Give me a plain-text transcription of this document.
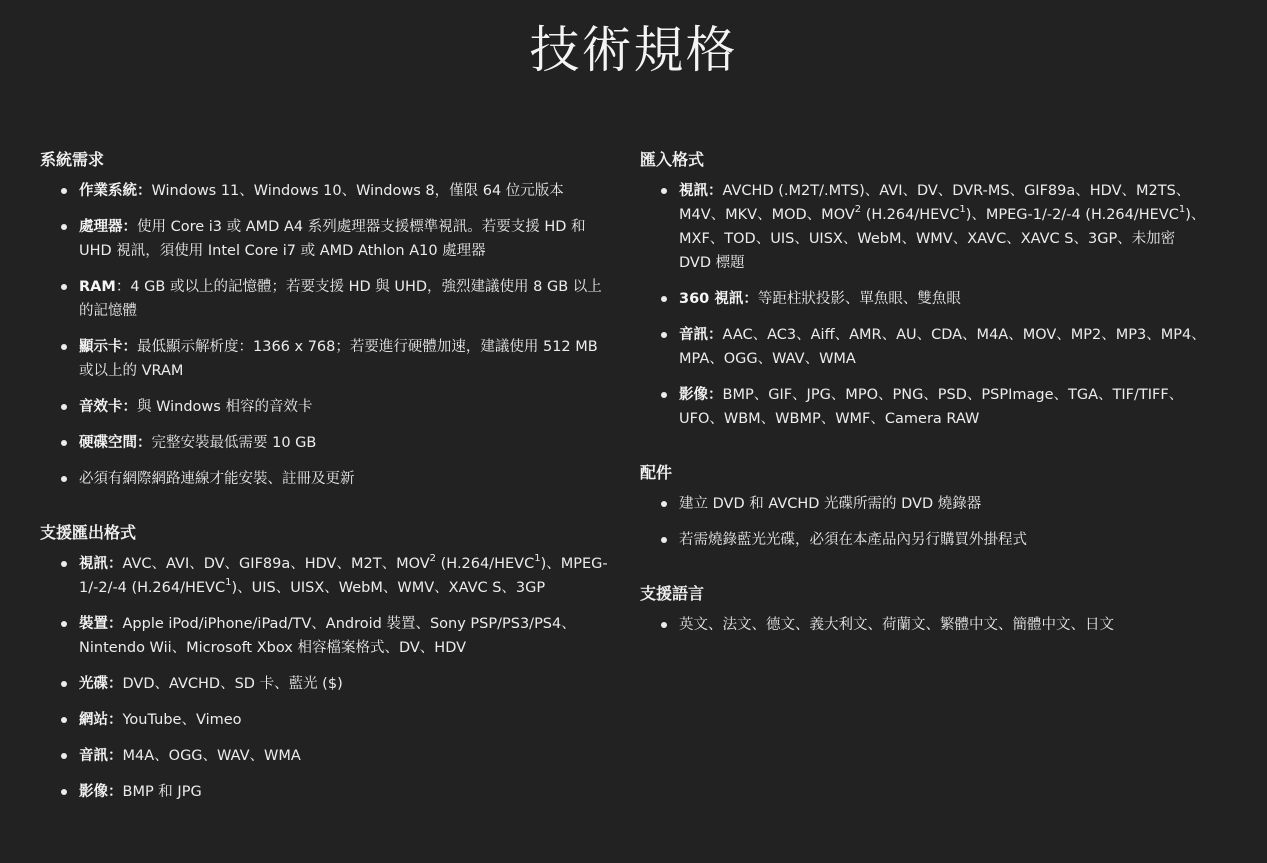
技術規格
系統需求
作業系統：Windows 11、Windows 10、Windows 8，僅限 64 位元版本
處理器：使用 Core i3 或 AMD A4 系列處理器支援標準視訊。若要支援 HD 和 UHD 視訊，須使用 Intel Core i7 或 AMD Athlon A10 處理器
RAM：4 GB 或以上的記憶體；若要支援 HD 與 UHD，強烈建議使用 8 GB 以上的記憶體
顯示卡：最低顯示解析度：1366 x 768；若要進行硬體加速，建議使用 512 MB 或以上的 VRAM
音效卡：與 Windows 相容的音效卡
硬碟空間：完整安裝最低需要 10 GB
必須有網際網路連線才能安裝、註冊及更新
支援匯出格式
視訊：AVC、AVI、DV、GIF89a、HDV、M2T、MOV$^2$ (H.264/HEVC$^1$)、MPEG-1/-2/-4 (H.264/HEVC$^1$)、UIS、UISX、WebM、WMV、XAVC S、3GP
裝置：Apple iPod/iPhone/iPad/TV、Android 裝置、Sony PSP/PS3/PS4、Nintendo Wii、Microsoft Xbox 相容檔案格式、DV、HDV
光碟：DVD、AVCHD、SD 卡、藍光 ($)
網站：YouTube、Vimeo
音訊：M4A、OGG、WAV、WMA
影像：BMP 和 JPG
匯入格式
視訊：AVCHD (.M2T/.MTS)、AVI、DV、DVR-MS、GIF89a、HDV、M2TS、M4V、MKV、MOD、MOV$^2$ (H.264/HEVC$^1$)、MPEG-1/-2/-4 (H.264/HEVC$^1$)、MXF、TOD、UIS、UISX、WebM、WMV、XAVC、XAVC S、3GP、未加密 DVD 標題
360 視訊：等距柱狀投影、單魚眼、雙魚眼
音訊：AAC、AC3、Aiff、AMR、AU、CDA、M4A、MOV、MP2、MP3、MP4、MPA、OGG、WAV、WMA
影像：BMP、GIF、JPG、MPO、PNG、PSD、PSPImage、TGA、TIF/TIFF、UFO、WBM、WBMP、WMF、Camera RAW
配件
建立 DVD 和 AVCHD 光碟所需的 DVD 燒錄器
若需燒錄藍光光碟，必須在本產品內另行購買外掛程式
支援語言
英文、法文、德文、義大利文、荷蘭文、繁體中文、簡體中文、日文
